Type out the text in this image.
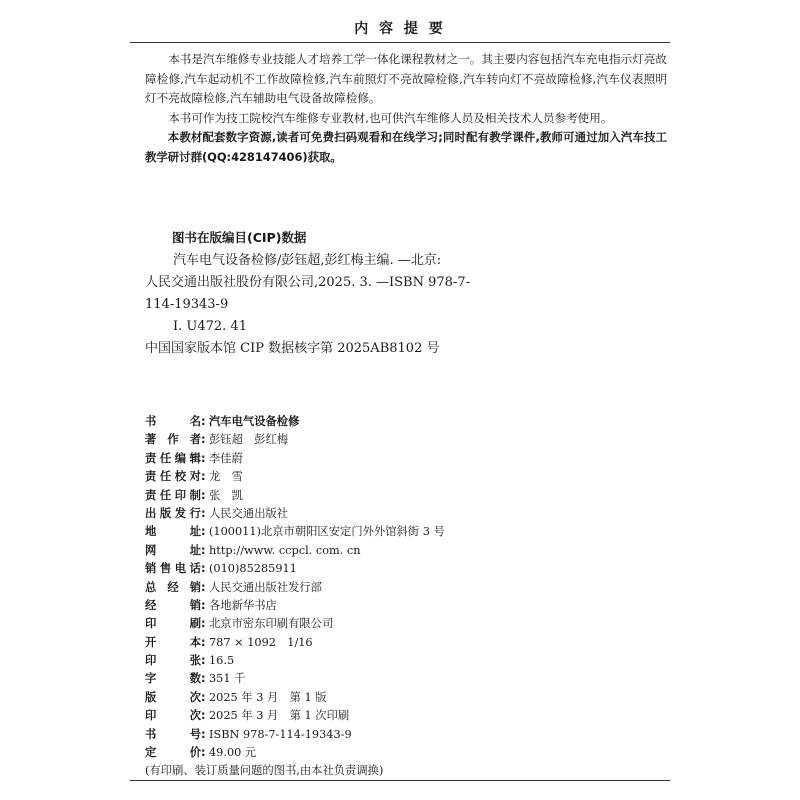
内 容 提 要

本书是汽车维修专业技能人才培养工学一体化课程教材之一。其主要内容包括汽车充电指示灯亮故障检修,汽车起动机不工作故障检修,汽车前照灯不亮故障检修,汽车转向灯不亮故障检修,汽车仪表照明灯不亮故障检修,汽车辅助电气设备故障检修。

本书可作为技工院校汽车维修专业教材,也可供汽车维修人员及相关技术人员参考使用。

本教材配套数字资源,读者可免费扫码观看和在线学习;同时配有教学课件,教师可通过加入汽车技工教学研讨群(QQ:428147406)获取。

图书在版编目(CIP)数据
汽车电气设备检修/彭钰超,彭红梅主编. —北京:
人民交通出版社股份有限公司,2025. 3. —ISBN 978-7-
114-19343-9
Ⅰ. U472. 41
中国国家版本馆 CIP 数据核字第 2025AB8102 号
书	名 : 汽车电气设备检修
著 作 者 : 彭钰超　彭红梅
责 任 编 辑 : 李佳蔚
责 任 校 对 : 龙　雪
责 任 印 制 : 张　凯
出 版 发 行 : 人民交通出版社
地	址 : (100011)北京市朝阳区安定门外外馆斜街 3 号
网	址 : http://www. ccpcl. com. cn
销 售 电 话 : (010)85285911
总 经 销 : 人民交通出版社发行部
经	销 : 各地新华书店
印	刷 : 北京市密东印刷有限公司
开	本 : 787 × 1092　1/16
印	张 : 16.5
字	数 : 351 千
版	次 : 2025 年 3 月　第 1 版
印	次 : 2025 年 3 月　第 1 次印刷
书	号 : ISBN 978-7-114-19343-9
定	价 : 49.00 元
(有印刷、装订质量问题的图书,由本社负责调换)
